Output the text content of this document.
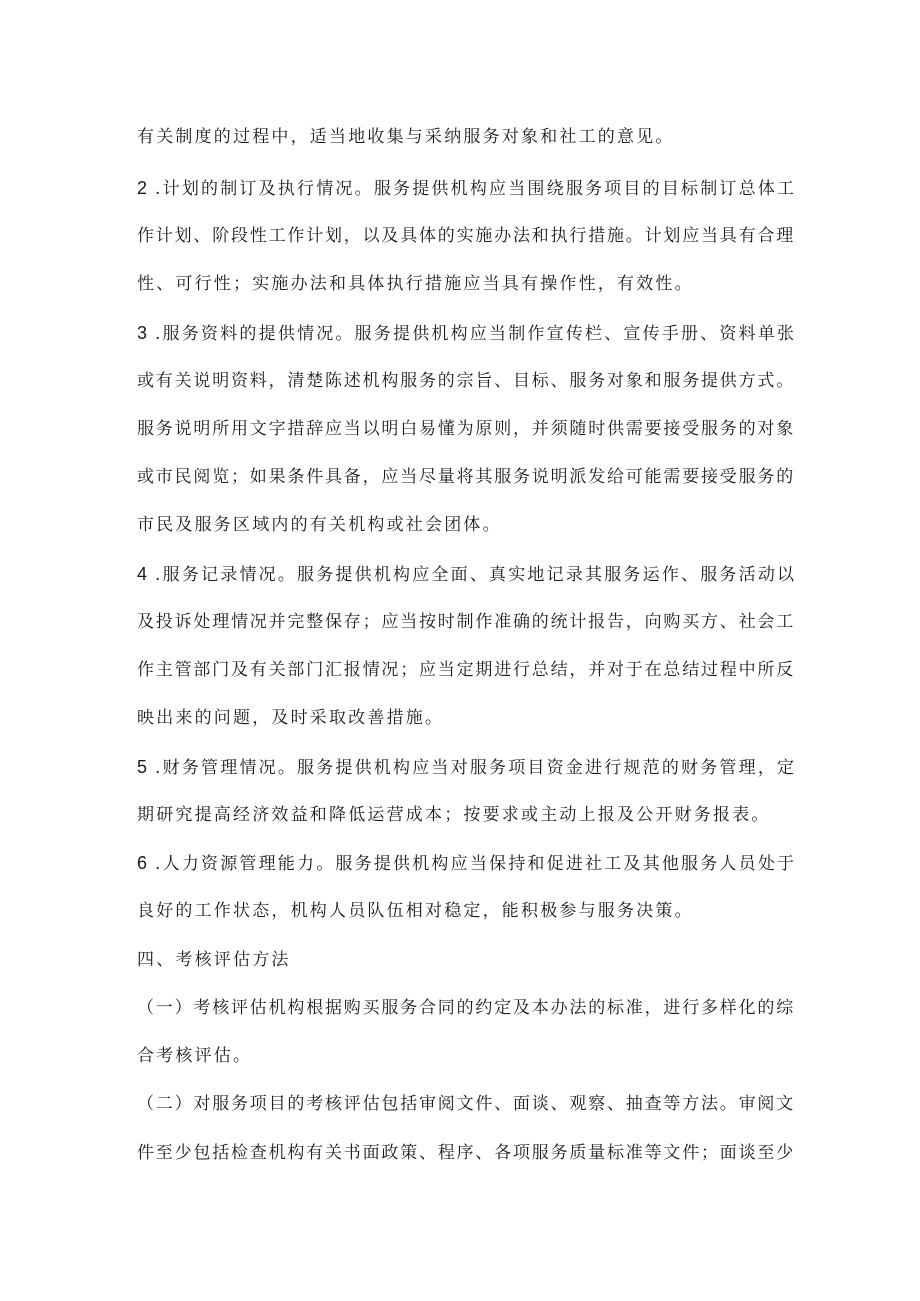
有关制度的过程中，适当地收集与采纳服务对象和社工的意见。
2 .计划的制订及执行情况。服务提供机构应当围绕服务项目的目标制订总体工
作计划、阶段性工作计划，以及具体的实施办法和执行措施。计划应当具有合理
性、可行性；实施办法和具体执行措施应当具有操作性，有效性。
3 .服务资料的提供情况。服务提供机构应当制作宣传栏、宣传手册、资料单张
或有关说明资料，清楚陈述机构服务的宗旨、目标、服务对象和服务提供方式。
服务说明所用文字措辞应当以明白易懂为原则，并须随时供需要接受服务的对象
或市民阅览；如果条件具备，应当尽量将其服务说明派发给可能需要接受服务的
市民及服务区域内的有关机构或社会团体。
4 .服务记录情况。服务提供机构应全面、真实地记录其服务运作、服务活动以
及投诉处理情况并完整保存；应当按时制作准确的统计报告，向购买方、社会工
作主管部门及有关部门汇报情况；应当定期进行总结，并对于在总结过程中所反
映出来的问题，及时采取改善措施。
5 .财务管理情况。服务提供机构应当对服务项目资金进行规范的财务管理，定
期研究提高经济效益和降低运营成本；按要求或主动上报及公开财务报表。
6 .人力资源管理能力。服务提供机构应当保持和促进社工及其他服务人员处于
良好的工作状态，机构人员队伍相对稳定，能积极参与服务决策。
四、考核评估方法
（一）考核评估机构根据购买服务合同的约定及本办法的标准，进行多样化的综
合考核评估。
（二）对服务项目的考核评估包括审阅文件、面谈、观察、抽查等方法。审阅文
件至少包括检查机构有关书面政策、程序、各项服务质量标准等文件；面谈至少
